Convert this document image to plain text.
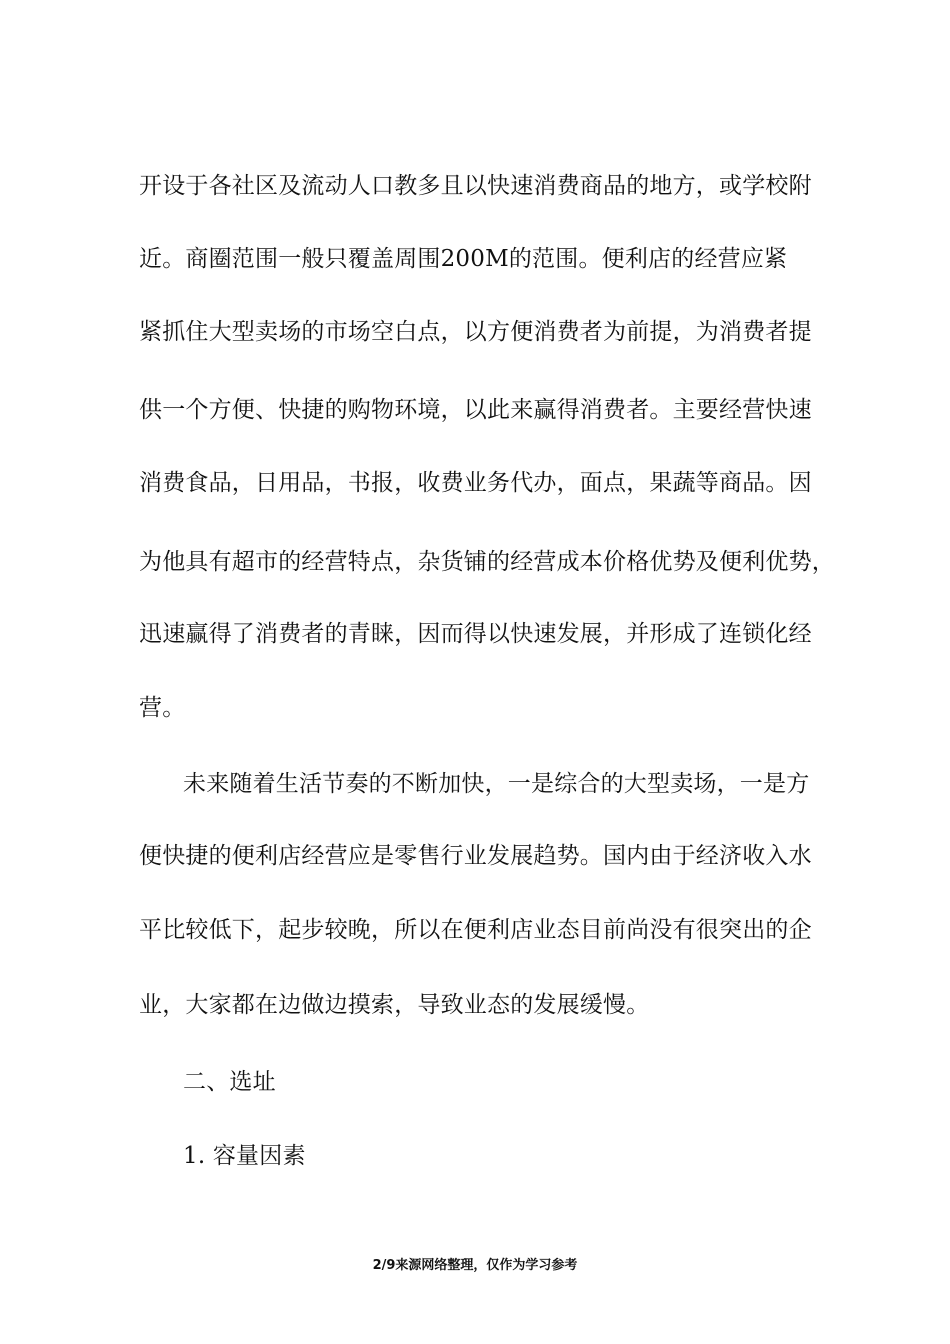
开设于各社区及流动人口教多且以快速消费商品的地方，或学校附
近。商圈范围一般只覆盖周围200M的范围。便利店的经营应紧
紧抓住大型卖场的市场空白点，以方便消费者为前提，为消费者提
供一个方便、快捷的购物环境，以此来赢得消费者。主要经营快速
消费食品，日用品，书报，收费业务代办，面点，果蔬等商品。因
为他具有超市的经营特点，杂货铺的经营成本价格优势及便利优势，
迅速赢得了消费者的青睐，因而得以快速发展，并形成了连锁化经
营。
未来随着生活节奏的不断加快，一是综合的大型卖场，一是方
便快捷的便利店经营应是零售行业发展趋势。国内由于经济收入水
平比较低下，起步较晚，所以在便利店业态目前尚没有很突出的企
业，大家都在边做边摸索，导致业态的发展缓慢。
二、选址
1. 容量因素
2/9来源网络整理，仅作为学习参考
